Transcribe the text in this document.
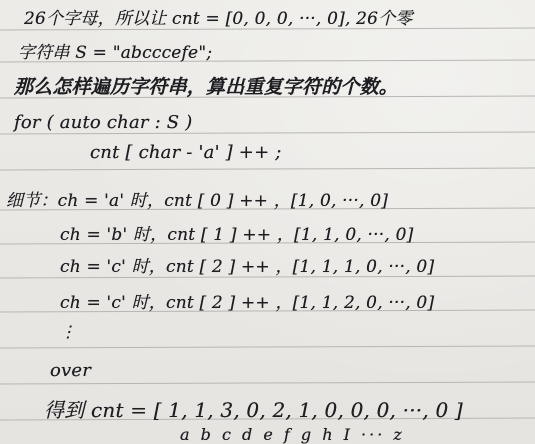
26个字母，所以让 cnt = [0, 0, 0, ···, 0], 26个零
字符串 S = "abcccefe";
那么怎样遍历字符串，算出重复字符的个数。
for ( auto char : S )
cnt [ char - 'a' ] ++ ;
细节：ch = 'a' 时，cnt [ 0 ] ++ ，[1, 0, ···, 0]
ch = 'b' 时，cnt [ 1 ] ++ ，[1, 1, 0, ···, 0]
ch = 'c' 时，cnt [ 2 ] ++ ，[1, 1, 1, 0, ···, 0]
ch = 'c' 时，cnt [ 2 ] ++ ，[1, 1, 2, 0, ···, 0]
⋮
over
得到 cnt = [ 1, 1, 3, 0, 2, 1, 0, 0, 0, ···, 0 ]
a b c d e f g h I ··· z
